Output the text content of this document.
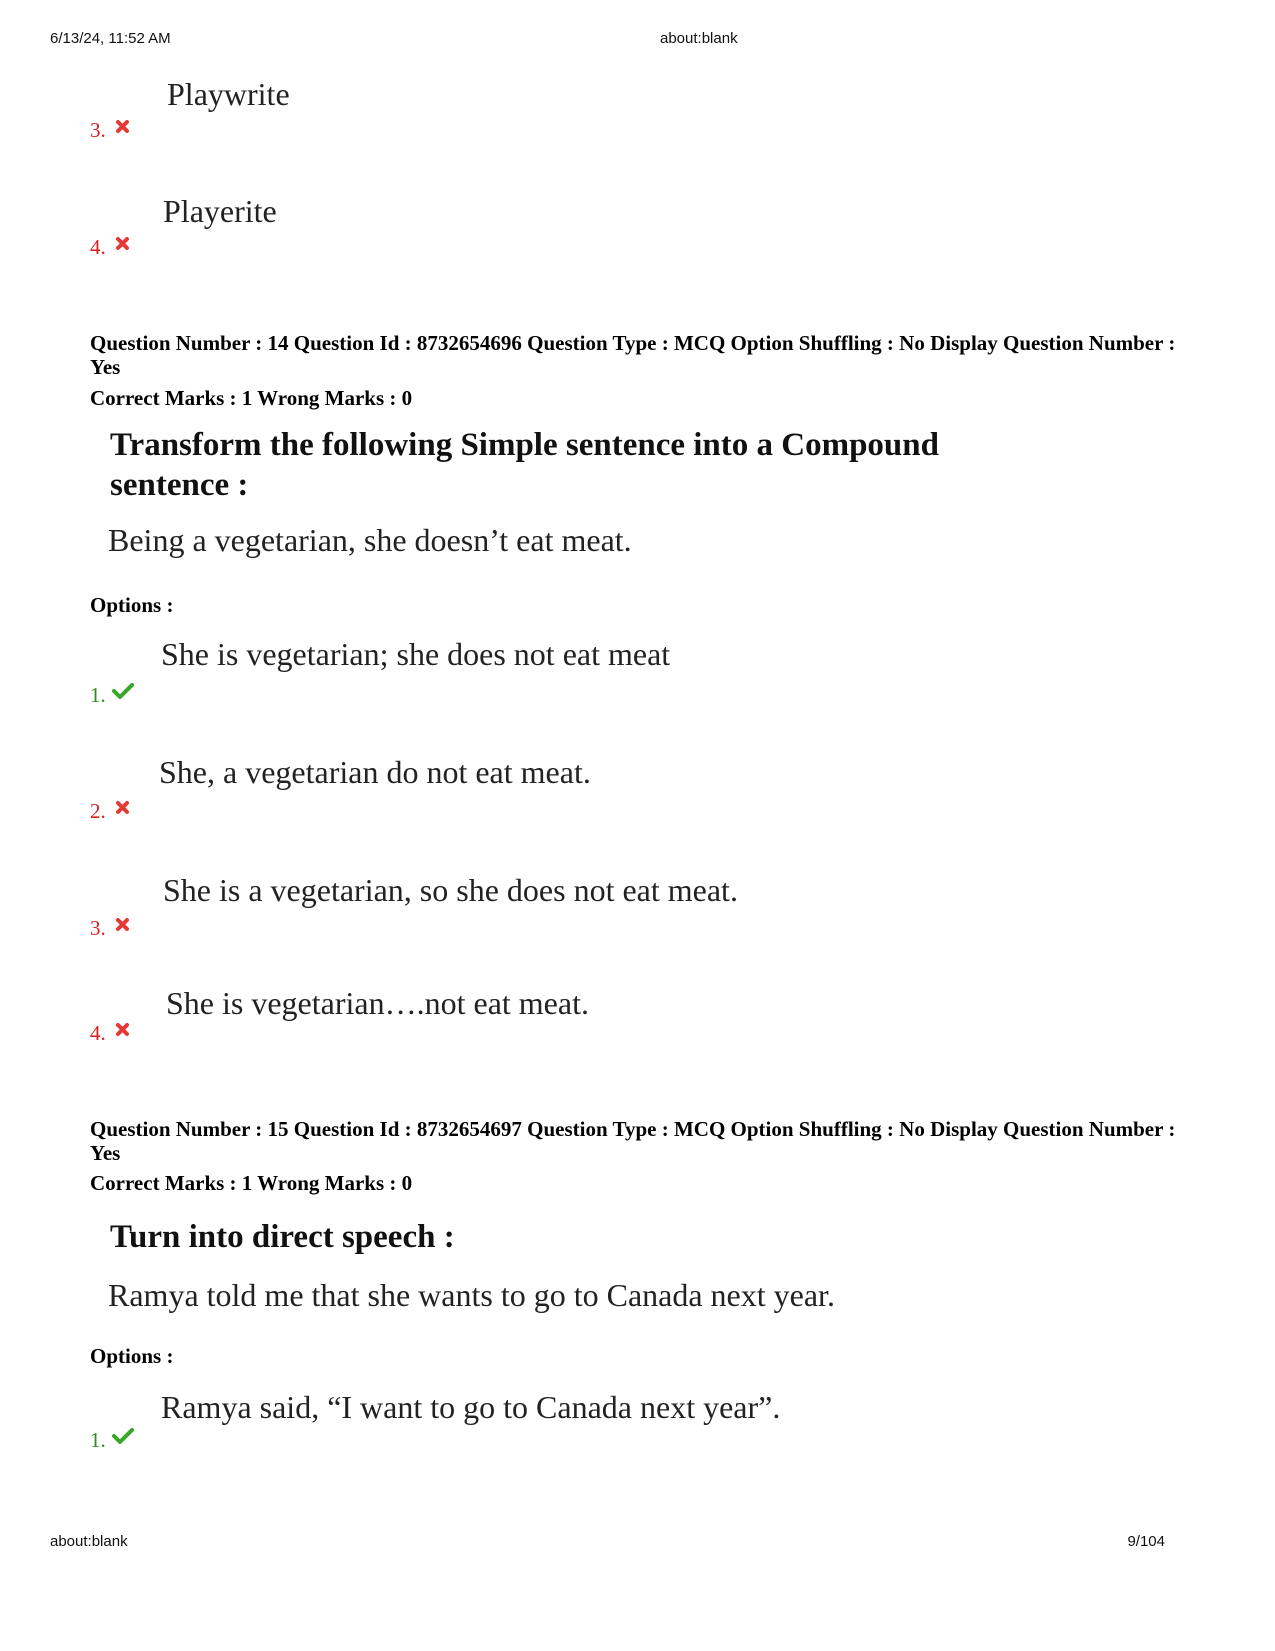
6/13/24, 11:52 AM	about:blank
3.
Playwrite
4.
Playerite
Question Number : 14 Question Id : 8732654696 Question Type : MCQ Option Shuffling : No Display Question Number : Yes
Correct Marks : 1 Wrong Marks : 0
Transform the following Simple sentence into a Compound sentence :
Being a vegetarian, she doesn’t eat meat.
Options :
1.
She is vegetarian; she does not eat meat
2.
She, a vegetarian do not eat meat.
3.
She is a vegetarian, so she does not eat meat.
4.
She is vegetarian….not eat meat.
Question Number : 15 Question Id : 8732654697 Question Type : MCQ Option Shuffling : No Display Question Number : Yes
Correct Marks : 1 Wrong Marks : 0
Turn into direct speech :
Ramya told me that she wants to go to Canada next year.
Options :
1.
Ramya said, “I want to go to Canada next year”.
about:blank	9/104
